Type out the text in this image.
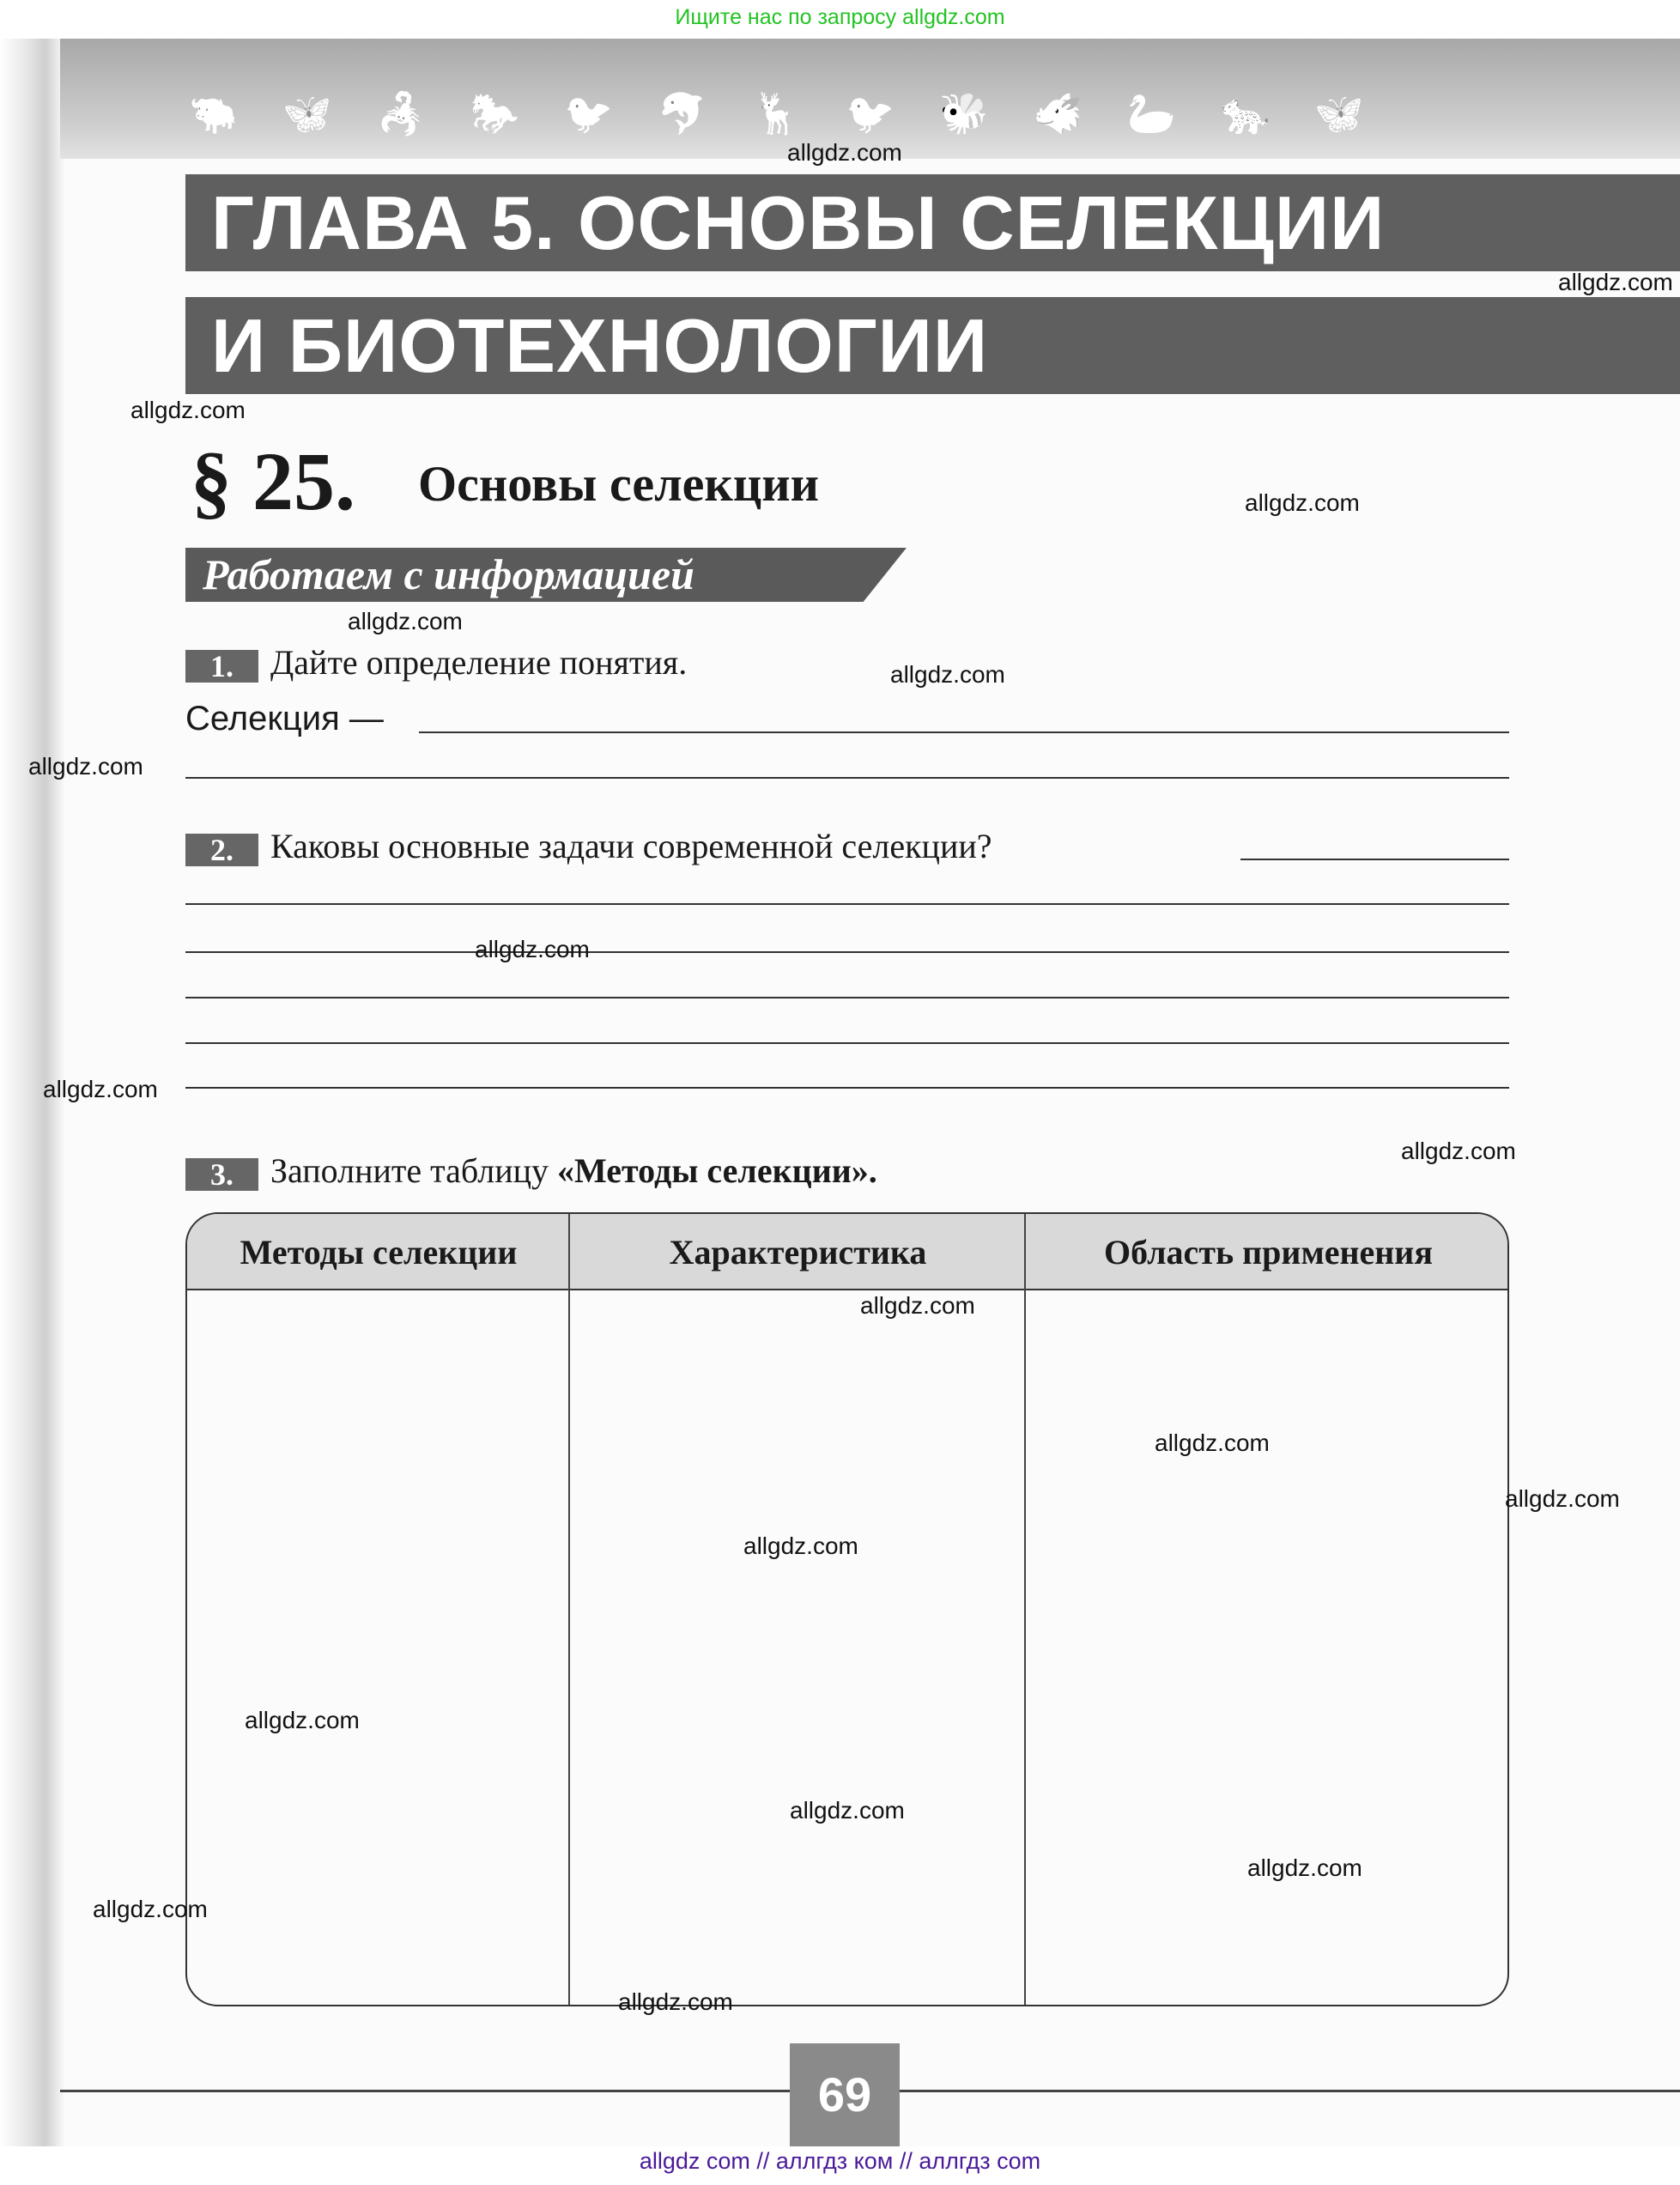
Ищите нас по запросу allgdz.com
🐃 🦋 🦂 🐎 🐦 🐬 🦌 🐦 🐝 🐗 🦢 🐆 🦋
ГЛАВА 5. ОСНОВЫ СЕЛЕКЦИИ
И БИОТЕХНОЛОГИИ
§ 25. Основы селекции
Работаем с информацией
1. Дайте определение понятия.
Селекция —
2. Каковы основные задачи современной селекции?
3. Заполните таблицу «Методы селекции».
Методы селекции	Характеристика	Область применения
69
allgdz.com
allgdz.com
allgdz.com
allgdz.com
allgdz.com
allgdz.com
allgdz.com
allgdz.com
allgdz.com
allgdz.com
allgdz.com
allgdz.com
allgdz.com
allgdz.com
allgdz.com
allgdz.com
allgdz.com
allgdz.com
allgdz.com
allgdz com // аллгдз ком // аллгдз com
